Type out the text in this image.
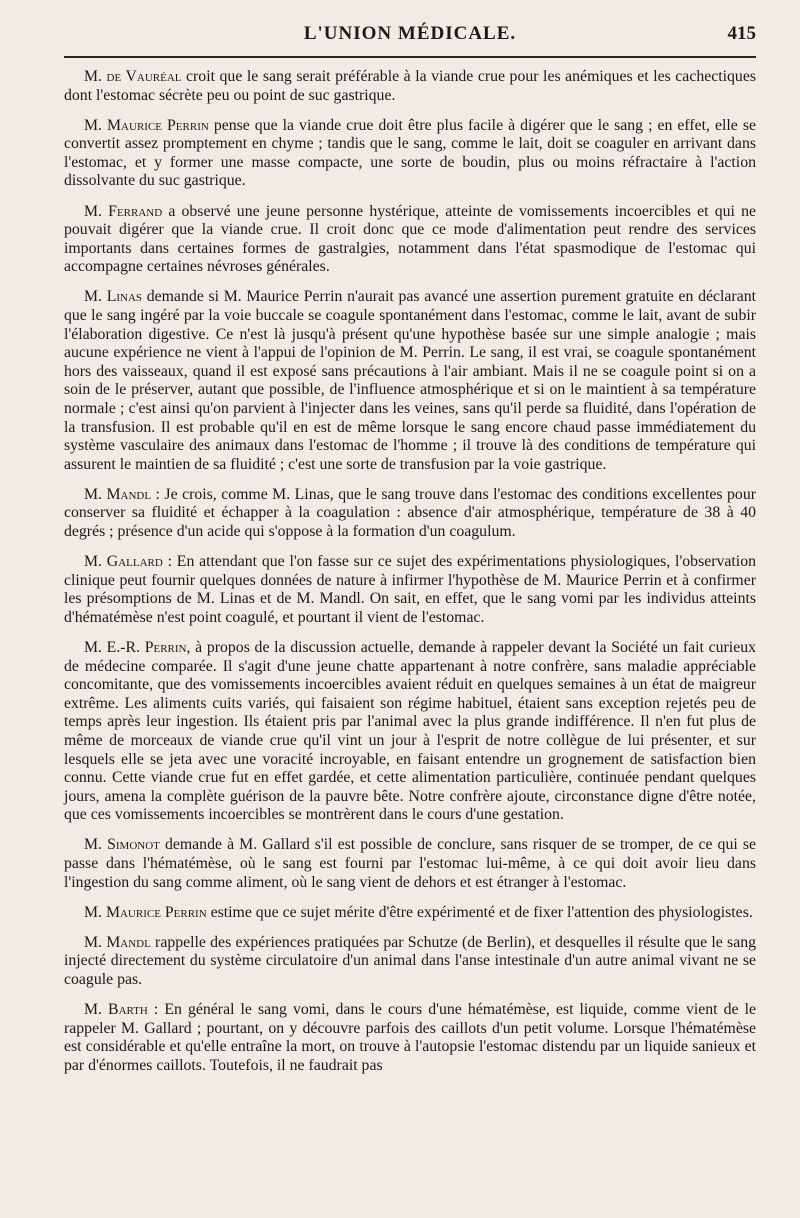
L'UNION MÉDICALE.	415

M. de Vauréal croit que le sang serait préférable à la viande crue pour les anémiques et les cachectiques dont l'estomac sécrète peu ou point de suc gastrique.

M. Maurice Perrin pense que la viande crue doit être plus facile à digérer que le sang ; en effet, elle se convertit assez promptement en chyme ; tandis que le sang, comme le lait, doit se coaguler en arrivant dans l'estomac, et y former une masse compacte, une sorte de boudin, plus ou moins réfractaire à l'action dissolvante du suc gastrique.

M. Ferrand a observé une jeune personne hystérique, atteinte de vomissements incoercibles et qui ne pouvait digérer que la viande crue. Il croit donc que ce mode d'alimentation peut rendre des services importants dans certaines formes de gastralgies, notamment dans l'état spasmodique de l'estomac qui accompagne certaines névroses générales.

M. Linas demande si M. Maurice Perrin n'aurait pas avancé une assertion purement gratuite en déclarant que le sang ingéré par la voie buccale se coagule spontanément dans l'estomac, comme le lait, avant de subir l'élaboration digestive. Ce n'est là jusqu'à présent qu'une hypothèse basée sur une simple analogie ; mais aucune expérience ne vient à l'appui de l'opinion de M. Perrin. Le sang, il est vrai, se coagule spontanément hors des vaisseaux, quand il est exposé sans précautions à l'air ambiant. Mais il ne se coagule point si on a soin de le préserver, autant que possible, de l'influence atmosphérique et si on le maintient à sa température normale ; c'est ainsi qu'on parvient à l'injecter dans les veines, sans qu'il perde sa fluidité, dans l'opération de la transfusion. Il est probable qu'il en est de même lorsque le sang encore chaud passe immédiatement du système vasculaire des animaux dans l'estomac de l'homme ; il trouve là des conditions de température qui assurent le maintien de sa fluidité ; c'est une sorte de transfusion par la voie gastrique.

M. Mandl : Je crois, comme M. Linas, que le sang trouve dans l'estomac des conditions excellentes pour conserver sa fluidité et échapper à la coagulation : absence d'air atmosphérique, température de 38 à 40 degrés ; présence d'un acide qui s'oppose à la formation d'un coagulum.

M. Gallard : En attendant que l'on fasse sur ce sujet des expérimentations physiologiques, l'observation clinique peut fournir quelques données de nature à infirmer l'hypothèse de M. Maurice Perrin et à confirmer les présomptions de M. Linas et de M. Mandl. On sait, en effet, que le sang vomi par les individus atteints d'hématémèse n'est point coagulé, et pourtant il vient de l'estomac.

M. E.-R. Perrin, à propos de la discussion actuelle, demande à rappeler devant la Société un fait curieux de médecine comparée. Il s'agit d'une jeune chatte appartenant à notre confrère, sans maladie appréciable concomitante, que des vomissements incoercibles avaient réduit en quelques semaines à un état de maigreur extrême. Les aliments cuits variés, qui faisaient son régime habituel, étaient sans exception rejetés peu de temps après leur ingestion. Ils étaient pris par l'animal avec la plus grande indifférence. Il n'en fut plus de même de morceaux de viande crue qu'il vint un jour à l'esprit de notre collègue de lui présenter, et sur lesquels elle se jeta avec une voracité incroyable, en faisant entendre un grognement de satisfaction bien connu. Cette viande crue fut en effet gardée, et cette alimentation particulière, continuée pendant quelques jours, amena la complète guérison de la pauvre bête. Notre confrère ajoute, circonstance digne d'être notée, que ces vomissements incoercibles se montrèrent dans le cours d'une gestation.

M. Simonot demande à M. Gallard s'il est possible de conclure, sans risquer de se tromper, de ce qui se passe dans l'hématémèse, où le sang est fourni par l'estomac lui-même, à ce qui doit avoir lieu dans l'ingestion du sang comme aliment, où le sang vient de dehors et est étranger à l'estomac.

M. Maurice Perrin estime que ce sujet mérite d'être expérimenté et de fixer l'attention des physiologistes.

M. Mandl rappelle des expériences pratiquées par Schutze (de Berlin), et desquelles il résulte que le sang injecté directement du système circulatoire d'un animal dans l'anse intestinale d'un autre animal vivant ne se coagule pas.

M. Barth : En général le sang vomi, dans le cours d'une hématémèse, est liquide, comme vient de le rappeler M. Gallard ; pourtant, on y découvre parfois des caillots d'un petit volume. Lorsque l'hématémèse est considérable et qu'elle entraîne la mort, on trouve à l'autopsie l'estomac distendu par un liquide sanieux et par d'énormes caillots. Toutefois, il ne faudrait pas
